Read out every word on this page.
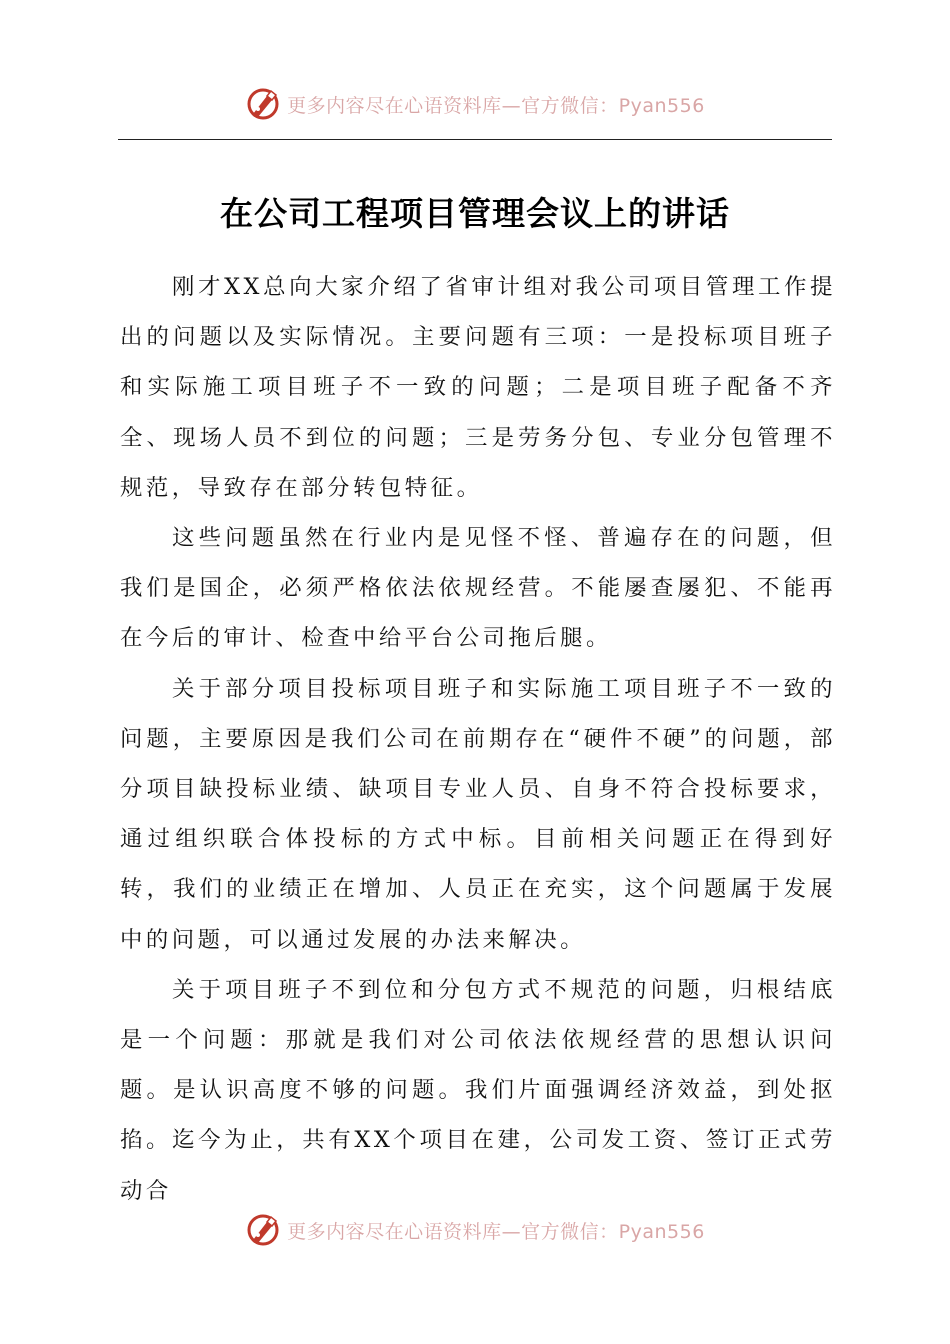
更多内容尽在心语资料库—官方微信：Pyan556
在公司工程项目管理会议上的讲话

刚才XX总向大家介绍了省审计组对我公司项目管理工作提出的问题以及实际情况。主要问题有三项：一是投标项目班子和实际施工项目班子不一致的问题；二是项目班子配备不齐全、现场人员不到位的问题；三是劳务分包、专业分包管理不规范，导致存在部分转包特征。

这些问题虽然在行业内是见怪不怪、普遍存在的问题，但我们是国企，必须严格依法依规经营。不能屡查屡犯、不能再在今后的审计、检查中给平台公司拖后腿。

关于部分项目投标项目班子和实际施工项目班子不一致的问题，主要原因是我们公司在前期存在“硬件不硬”的问题，部分项目缺投标业绩、缺项目专业人员、自身不符合投标要求，通过组织联合体投标的方式中标。目前相关问题正在得到好转，我们的业绩正在增加、人员正在充实，这个问题属于发展中的问题，可以通过发展的办法来解决。

关于项目班子不到位和分包方式不规范的问题，归根结底是一个问题：那就是我们对公司依法依规经营的思想认识问题。是认识高度不够的问题。我们片面强调经济效益，到处抠掐。迄今为止，共有XX个项目在建，公司发工资、签订正式劳动合

更多内容尽在心语资料库—官方微信：Pyan556
